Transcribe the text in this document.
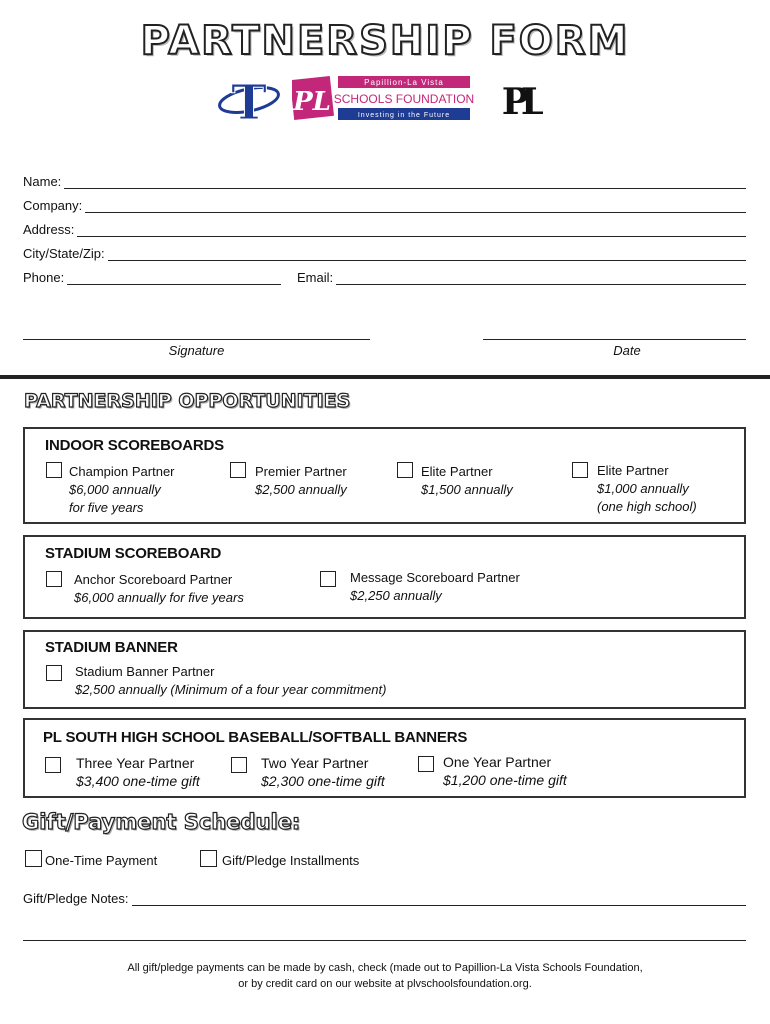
PARTNERSHIP FORM
T PL
Papillion-La Vista
SCHOOLS FOUNDATION
Investing in the Future PL
Name:
Company:
Address:
City/State/Zip:
Phone:	Email:
Signature	Date
PARTNERSHIP OPPORTUNITIES
INDOOR SCOREBOARDS
Champion Partner
$6,000 annually
for five years
Premier Partner
$2,500 annually
Elite Partner
$1,500 annually
Elite Partner
$1,000 annually
(one high school)
STADIUM SCOREBOARD
Anchor Scoreboard Partner
$6,000 annually for five years
Message Scoreboard Partner
$2,250 annually
STADIUM BANNER
Stadium Banner Partner
$2,500 annually (Minimum of a four year commitment)
PL SOUTH HIGH SCHOOL BASEBALL/SOFTBALL BANNERS
Three Year Partner
$3,400 one-time gift
Two Year Partner
$2,300 one-time gift
One Year Partner
$1,200 one-time gift
Gift/Payment Schedule:
One-Time Payment	Gift/Pledge Installments
Gift/Pledge Notes:
All gift/pledge payments can be made by cash, check (made out to Papillion-La Vista Schools Foundation,
or by credit card on our website at plvschoolsfoundation.org.
